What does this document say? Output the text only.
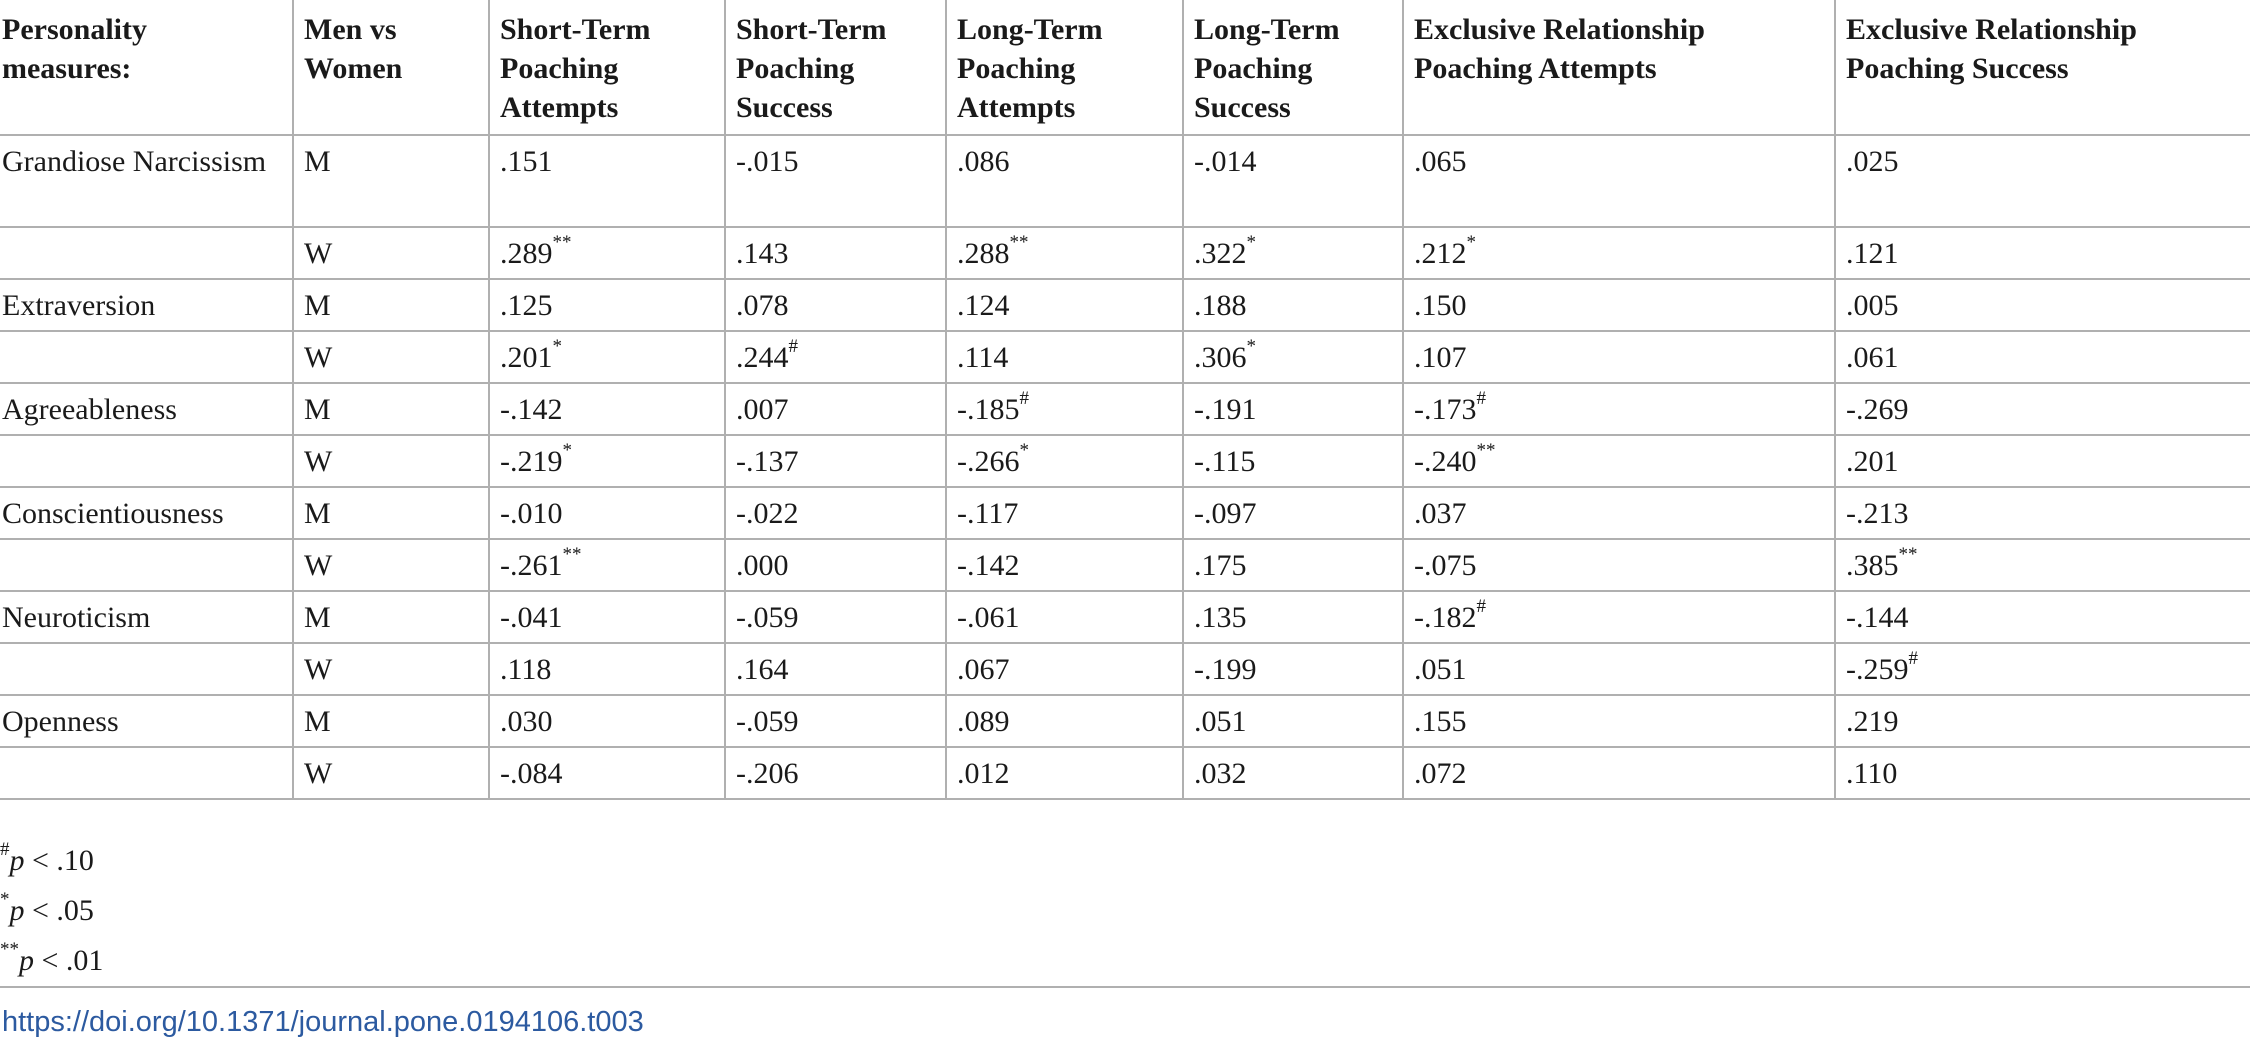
Personality measures:	Men vs Women	Short-Term Poaching Attempts	Short-Term Poaching Success	Long-Term Poaching Attempts	Long-Term Poaching Success	Exclusive Relationship Poaching Attempts	Exclusive Relationship Poaching Success
Grandiose Narcissism	M	.151	-.015	.086	-.014	.065	.025
	W	.289**	.143	.288**	.322*	.212*	.121
Extraversion	M	.125	.078	.124	.188	.150	.005
	W	.201*	.244#	.114	.306*	.107	.061
Agreeableness	M	-.142	.007	-.185#	-.191	-.173#	-.269
	W	-.219*	-.137	-.266*	-.115	-.240**	.201
Conscientiousness	M	-.010	-.022	-.117	-.097	.037	-.213
	W	-.261**	.000	-.142	.175	-.075	.385**
Neuroticism	M	-.041	-.059	-.061	.135	-.182#	-.144
	W	.118	.164	.067	-.199	.051	-.259#
Openness	M	.030	-.059	.089	.051	.155	.219
	W	-.084	-.206	.012	.032	.072	.110
#p < .10
*p < .05
**p < .01
https://doi.org/10.1371/journal.pone.0194106.t003
